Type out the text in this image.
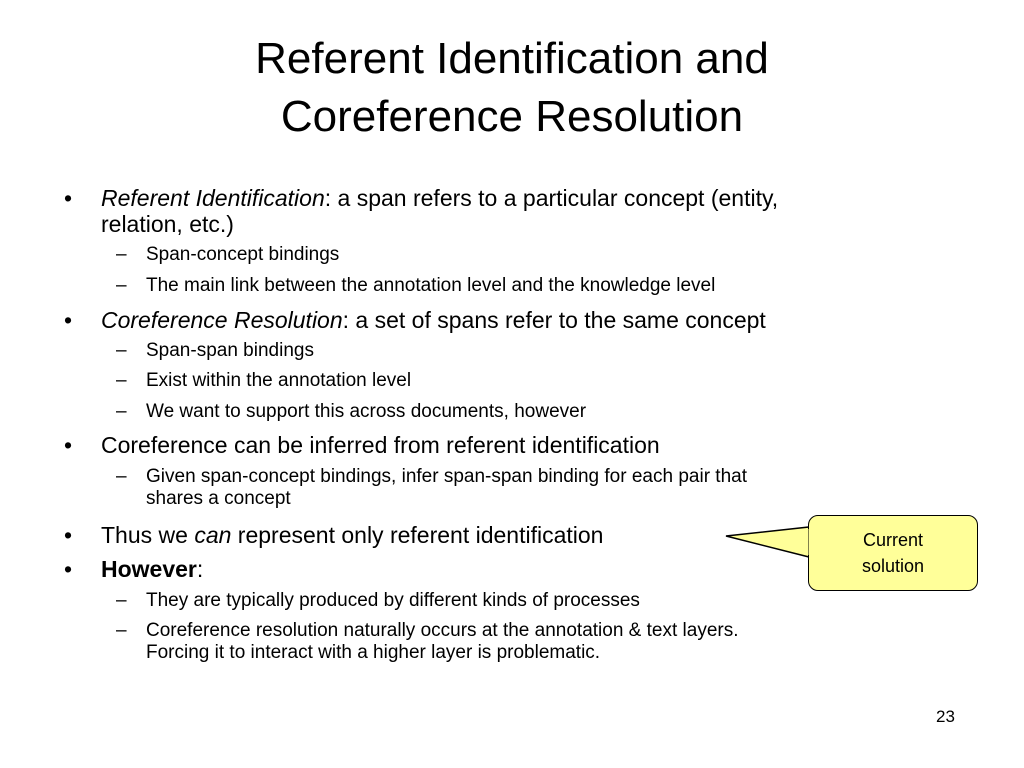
Referent Identification and
Coreference Resolution
• Referent Identification: a span refers to a particular concept (entity,
relation, etc.)
– Span-concept bindings
– The main link between the annotation level and the knowledge level
• Coreference Resolution: a set of spans refer to the same concept
– Span-span bindings
– Exist within the annotation level
– We want to support this across documents, however
• Coreference can be inferred from referent identification
– Given span-concept bindings, infer span-span binding for each pair that
shares a concept
• Thus we can represent only referent identification
• However:
– They are typically produced by different kinds of processes
– Coreference resolution naturally occurs at the annotation & text layers.
Forcing it to interact with a higher layer is problematic.
Current
solution
23
